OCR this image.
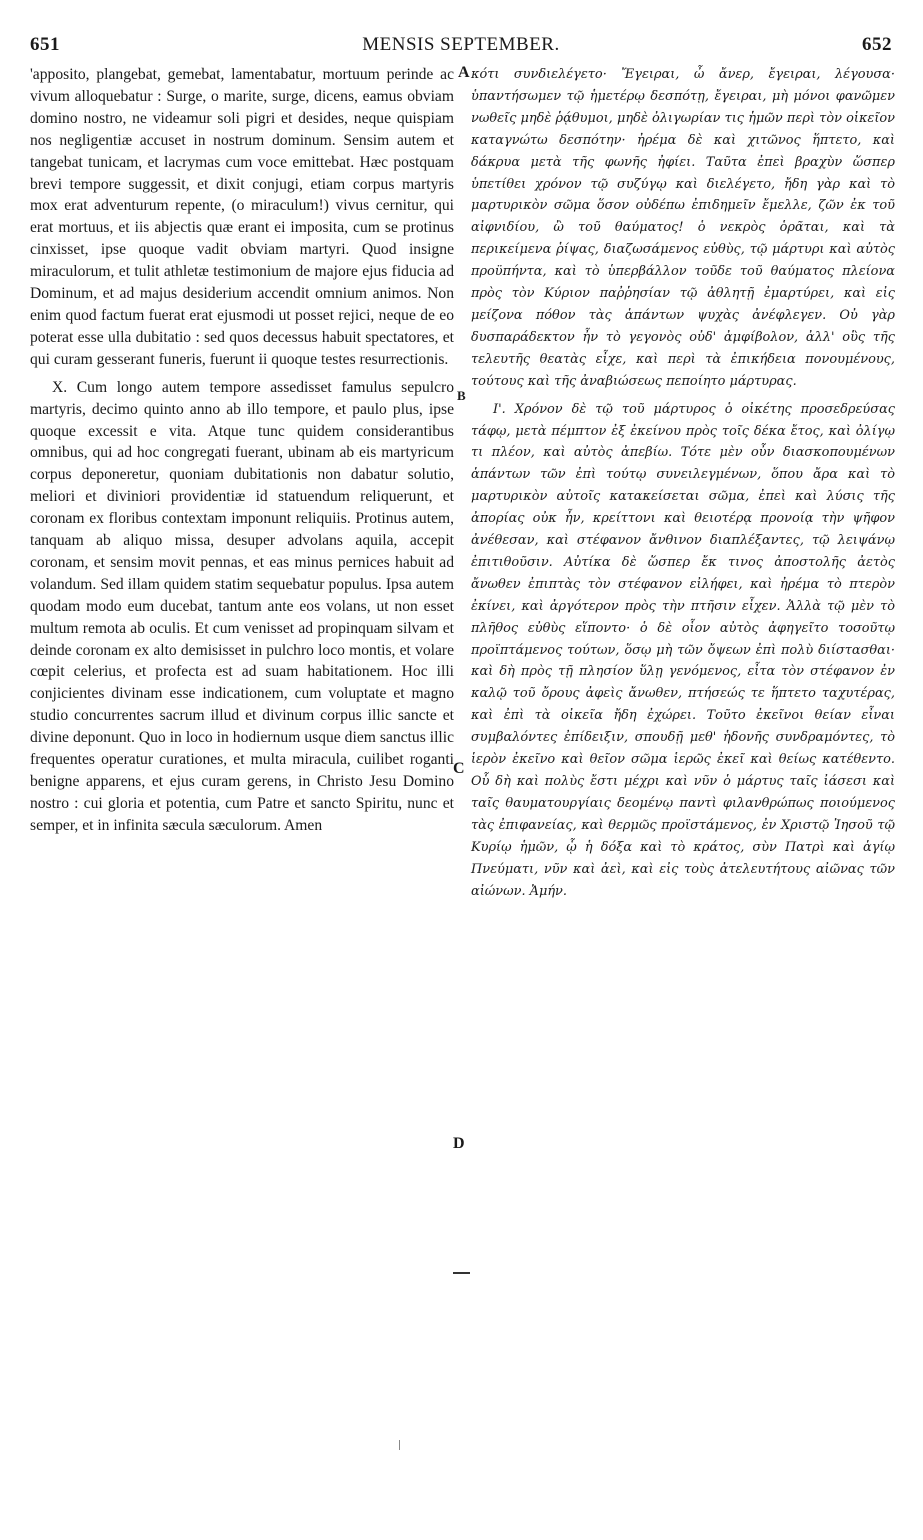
651	MENSIS SEPTEMBER.	652

'apposito, plangebat, gemebat, lamentabatur, mortuum perinde ac vivum alloquebatur : Surge, o marite, surge, dicens, eamus obviam domino nostro, ne videamur soli pigri et desides, neque quispiam nos negligentiæ accuset in nostrum dominum. Sensim autem et tangebat tunicam, et lacrymas cum voce emittebat. Hæc postquam brevi tempore suggessit, et dixit conjugi, etiam corpus martyris mox erat adventurum repente, (o miraculum!) vivus cernitur, qui erat mortuus, et iis abjectis quæ erant ei imposita, cum se protinus cinxisset, ipse quoque vadit obviam martyri. Quod insigne miraculorum, et tulit athletæ testimonium de majore ejus fiducia ad Dominum, et ad majus desiderium accendit omnium animos. Non enim quod factum fuerat erat ejusmodi ut posset rejici, neque de eo poterat esse ulla dubitatio : sed quos decessus habuit spectatores, et qui curam gesserant funeris, fuerunt ii quoque testes resurrectionis.

X. Cum longo autem tempore assedisset famulus sepulcro martyris, decimo quinto anno ab illo tempore, et paulo plus, ipse quoque excessit e vita. Atque tunc quidem considerantibus omnibus, qui ad hoc congregati fuerant, ubinam ab eis martyricum corpus deponeretur, quoniam dubitationis non dabatur solutio, meliori et diviniori providentiæ id statuendum reliquerunt, et coronam ex floribus contextam imponunt reliquiis. Protinus autem, tanquam ab aliquo missa, desuper advolans aquila, accepit coronam, et sensim movit pennas, et eas minus pernices habuit ad volandum. Sed illam quidem statim sequebatur populus. Ipsa autem quodam modo eum ducebat, tantum ante eos volans, ut non esset multum remota ab oculis. Et cum venisset ad propinquam silvam et deinde coronam ex alto demisisset in pulchro loco montis, et volare cœpit celerius, et profecta est ad suam habitationem. Hoc illi conjicientes divinam esse indicationem, cum voluptate et magno studio concurrentes sacrum illud et divinum corpus illic sancte et divine deponunt. Quo in loco in hodiernum usque diem sanctus illic frequentes operatur curationes, et multa miracula, cuilibet roganti benigne apparens, et ejus curam gerens, in Christo Jesu Domino nostro : cui gloria et potentia, cum Patre et sancto Spiritu, nunc et semper, et in infinita sæcula sæculorum. Amen

A
B
C
D

κότι συνδιελέγετο· Ἔγειραι, ὦ ἄνερ, ἔγειραι, λέγουσα· ὑπαντήσωμεν τῷ ἡμετέρῳ δεσπότῃ, ἔγειραι, μὴ μόνοι φανῶμεν νωθεῖς μηδὲ ῥᾴθυμοι, μηδὲ ὀλιγωρίαν τις ἡμῶν περὶ τὸν οἰκεῖον καταγνώτω δεσπότην· ἠρέμα δὲ καὶ χιτῶνος ἥπτετο, καὶ δάκρυα μετὰ τῆς φωνῆς ἠφίει. Ταῦτα ἐπεὶ βραχὺν ὥσπερ ὑπετίθει χρόνον τῷ συζύγῳ καὶ διελέγετο, ἤδη γὰρ καὶ τὸ μαρτυρικὸν σῶμα ὅσον οὐδέπω ἐπιδημεῖν ἔμελλε, ζῶν ἐκ τοῦ αἰφνιδίου, ὢ τοῦ θαύματος! ὁ νεκρὸς ὁρᾶται, καὶ τὰ περικείμενα ῥίψας, διαζωσάμενος εὐθὺς, τῷ μάρτυρι καὶ αὐτὸς προϋπήντα, καὶ τὸ ὑπερβάλλον τοῦδε τοῦ θαύματος πλείονα πρὸς τὸν Κύριον παῤῥησίαν τῷ ἀθλητῇ ἐμαρτύρει, καὶ εἰς μείζονα πόθον τὰς ἁπάντων ψυχὰς ἀνέφλεγεν. Οὐ γὰρ δυσπαράδεκτον ἦν τὸ γεγονὸς οὐδ' ἀμφίβολον, ἀλλ' οὓς τῆς τελευτῆς θεατὰς εἶχε, καὶ περὶ τὰ ἐπικήδεια πονουμένους, τούτους καὶ τῆς ἀναβιώσεως πεποίητο μάρτυρας.

Ι'. Χρόνον δὲ τῷ τοῦ μάρτυρος ὁ οἰκέτης προσεδρεύσας τάφῳ, μετὰ πέμπτον ἐξ ἐκείνου πρὸς τοῖς δέκα ἔτος, καὶ ὀλίγῳ τι πλέον, καὶ αὐτὸς ἀπεβίω. Τότε μὲν οὖν διασκοπουμένων ἁπάντων τῶν ἐπὶ τούτῳ συνειλεγμένων, ὅπου ἄρα καὶ τὸ μαρτυρικὸν αὐτοῖς κατακείσεται σῶμα, ἐπεὶ καὶ λύσις τῆς ἀπορίας οὐκ ἦν, κρείττονι καὶ θειοτέρᾳ προνοίᾳ τὴν ψῆφον ἀνέθεσαν, καὶ στέφανον ἄνθινον διαπλέξαντες, τῷ λειψάνῳ ἐπιτιθοῦσιν. Αὐτίκα δὲ ὥσπερ ἔκ τινος ἀποστολῆς ἀετὸς ἄνωθεν ἐπιπτὰς τὸν στέφανον εἰλήφει, καὶ ἠρέμα τὸ πτερὸν ἐκίνει, καὶ ἀργότερον πρὸς τὴν πτῆσιν εἶχεν. Ἀλλὰ τῷ μὲν τὸ πλῆθος εὐθὺς εἵποντο· ὁ δὲ οἷον αὐτὸς ἀφηγεῖτο τοσοῦτῳ προϊπτάμενος τούτων, ὅσῳ μὴ τῶν ὄψεων ἐπὶ πολὺ διίστασθαι· καὶ δὴ πρὸς τῇ πλησίον ὕλῃ γενόμενος, εἶτα τὸν στέφανον ἐν καλῷ τοῦ ὄρους ἀφεὶς ἄνωθεν, πτήσεώς τε ἥπτετο ταχυτέρας, καὶ ἐπὶ τὰ οἰκεῖα ἤδη ἐχώρει. Τοῦτο ἐκεῖνοι θείαν εἶναι συμβαλόντες ἐπίδειξιν, σπουδῇ μεθ' ἡδονῆς συνδραμόντες, τὸ ἱερὸν ἐκεῖνο καὶ θεῖον σῶμα ἱερῶς ἐκεῖ καὶ θείως κατέθεντο. Οὗ δὴ καὶ πολὺς ἔστι μέχρι καὶ νῦν ὁ μάρτυς ταῖς ἰάσεσι καὶ ταῖς θαυματουργίαις δεομένῳ παντὶ φιλανθρώπως ποιούμενος τὰς ἐπιφανείας, καὶ θερμῶς προϊστάμενος, ἐν Χριστῷ Ἰησοῦ τῷ Κυρίῳ ἡμῶν, ᾧ ἡ δόξα καὶ τὸ κράτος, σὺν Πατρὶ καὶ ἁγίῳ Πνεύματι, νῦν καὶ ἀεὶ, καὶ εἰς τοὺς ἀτελευτήτους αἰῶνας τῶν αἰώνων. Ἀμήν.
